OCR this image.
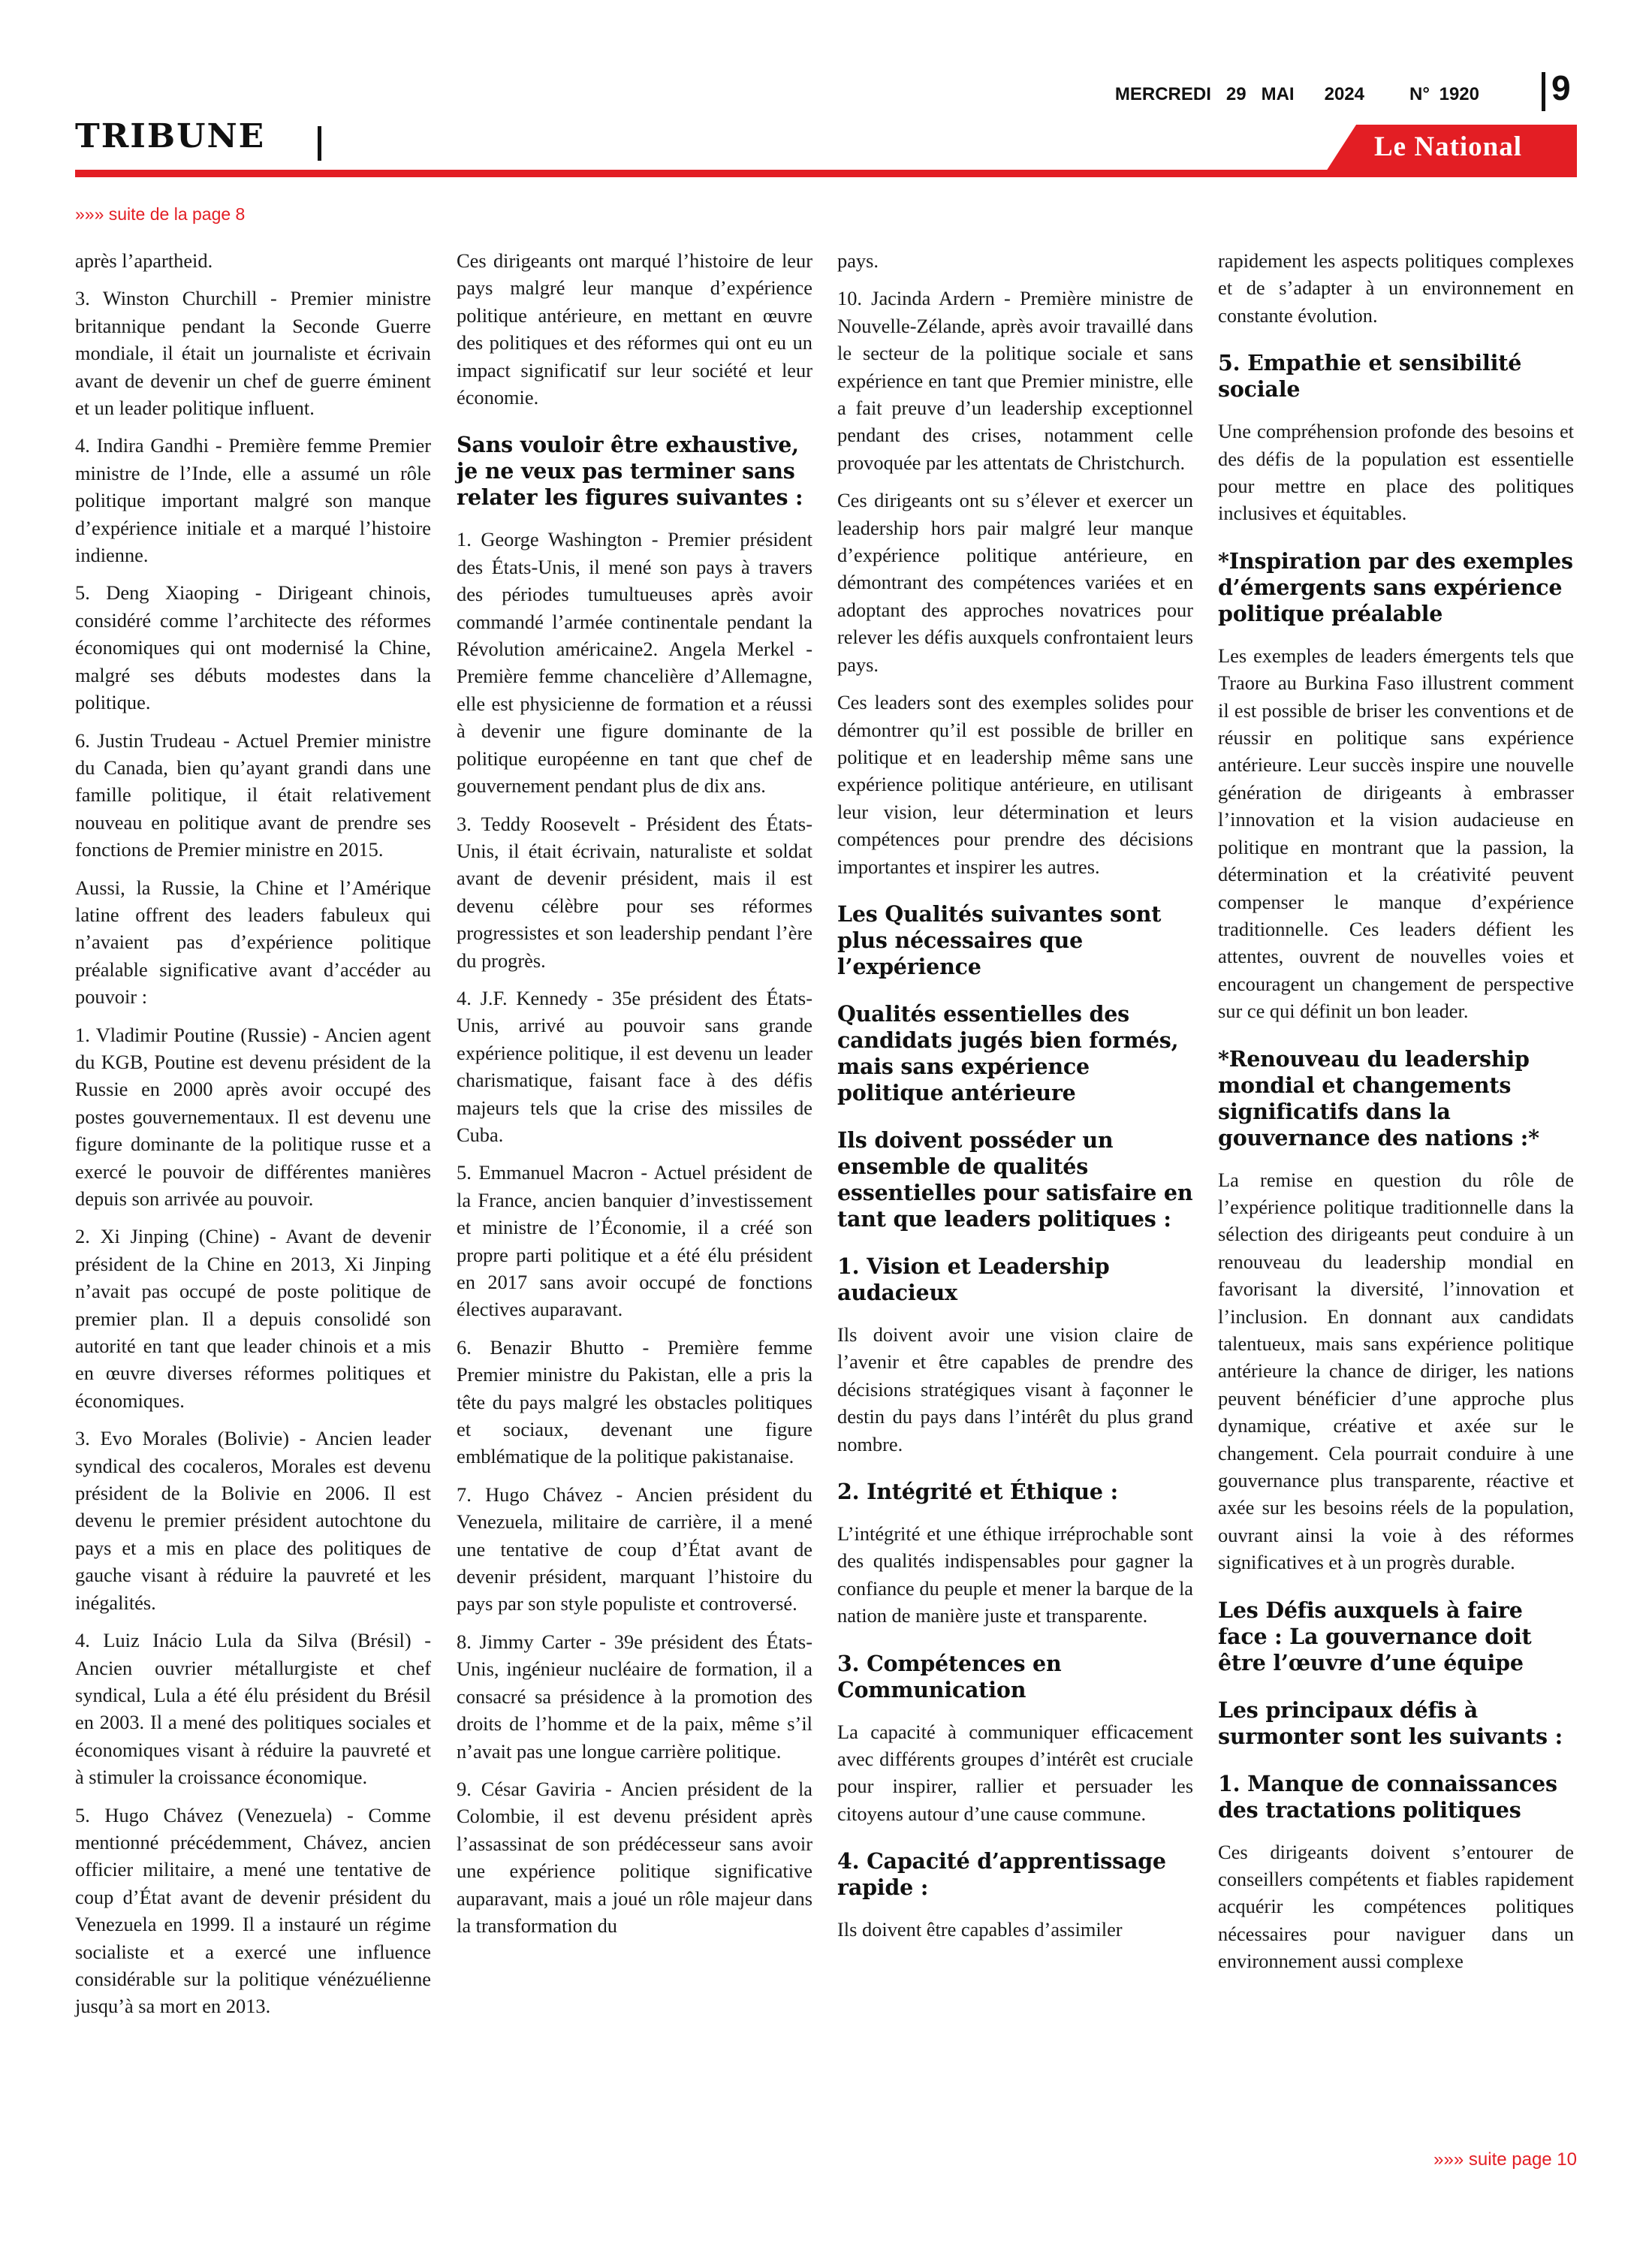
MERCREDI 29 MAI 2024	N° 1920 9
TRIBUNE	Le National
»»» suite de la page 8

après l’apartheid.

3. Winston Churchill - Premier ministre britannique pendant la Seconde Guerre mondiale, il était un journaliste et écrivain avant de devenir un chef de guerre éminent et un leader politique influent.

4. Indira Gandhi - Première femme Premier ministre de l’Inde, elle a assumé un rôle politique important malgré son manque d’expérience initiale et a marqué l’histoire indienne.

5. Deng Xiaoping - Dirigeant chinois, considéré comme l’architecte des réformes économiques qui ont modernisé la Chine, malgré ses débuts modestes dans la politique.

6. Justin Trudeau - Actuel Premier ministre du Canada, bien qu’ayant grandi dans une famille politique, il était relativement nouveau en politique avant de prendre ses fonctions de Premier ministre en 2015.

Aussi, la Russie, la Chine et l’Amérique latine offrent des leaders fabuleux qui n’avaient pas d’expérience politique préalable significative avant d’accéder au pouvoir :

1. Vladimir Poutine (Russie) - Ancien agent du KGB, Poutine est devenu président de la Russie en 2000 après avoir occupé des postes gouvernementaux. Il est devenu une figure dominante de la politique russe et a exercé le pouvoir de différentes manières depuis son arrivée au pouvoir.

2. Xi Jinping (Chine) - Avant de devenir président de la Chine en 2013, Xi Jinping n’avait pas occupé de poste politique de premier plan. Il a depuis consolidé son autorité en tant que leader chinois et a mis en œuvre diverses réformes politiques et économiques.

3. Evo Morales (Bolivie) - Ancien leader syndical des cocaleros, Morales est devenu président de la Bolivie en 2006. Il est devenu le premier président autochtone du pays et a mis en place des politiques de gauche visant à réduire la pauvreté et les inégalités.

4. Luiz Inácio Lula da Silva (Brésil) - Ancien ouvrier métallurgiste et chef syndical, Lula a été élu président du Brésil en 2003. Il a mené des politiques sociales et économiques visant à réduire la pauvreté et à stimuler la croissance économique.

5. Hugo Chávez (Venezuela) - Comme mentionné précédemment, Chávez, ancien officier militaire, a mené une tentative de coup d’État avant de devenir président du Venezuela en 1999. Il a instauré un régime socialiste et a exercé une influence considérable sur la politique vénézuélienne jusqu’à sa mort en 2013.

Ces dirigeants ont marqué l’histoire de leur pays malgré leur manque d’expérience politique antérieure, en mettant en œuvre des politiques et des réformes qui ont eu un impact significatif sur leur société et leur économie.

Sans vouloir être exhaustive, je ne veux pas terminer sans relater les figures suivantes :

1. George Washington - Premier président des États-Unis, il mené son pays à travers des périodes tumultueuses après avoir commandé l’armée continentale pendant la Révolution américaine2. Angela Merkel - Première femme chancelière d’Allemagne, elle est physicienne de formation et a réussi à devenir une figure dominante de la politique européenne en tant que chef de gouvernement pendant plus de dix ans.

3. Teddy Roosevelt - Président des États-Unis, il était écrivain, naturaliste et soldat avant de devenir président, mais il est devenu célèbre pour ses réformes progressistes et son leadership pendant l’ère du progrès.

4. J.F. Kennedy - 35e président des États-Unis, arrivé au pouvoir sans grande expérience politique, il est devenu un leader charismatique, faisant face à des défis majeurs tels que la crise des missiles de Cuba.

5. Emmanuel Macron - Actuel président de la France, ancien banquier d’investissement et ministre de l’Économie, il a créé son propre parti politique et a été élu président en 2017 sans avoir occupé de fonctions électives auparavant.

6. Benazir Bhutto - Première femme Premier ministre du Pakistan, elle a pris la tête du pays malgré les obstacles politiques et sociaux, devenant une figure emblématique de la politique pakistanaise.

7. Hugo Chávez - Ancien président du Venezuela, militaire de carrière, il a mené une tentative de coup d’État avant de devenir président, marquant l’histoire du pays par son style populiste et controversé.

8. Jimmy Carter - 39e président des États-Unis, ingénieur nucléaire de formation, il a consacré sa présidence à la promotion des droits de l’homme et de la paix, même s’il n’avait pas une longue carrière politique.

9. César Gaviria - Ancien président de la Colombie, il est devenu président après l’assassinat de son prédécesseur sans avoir une expérience politique significative auparavant, mais a joué un rôle majeur dans la transformation du

pays.

10. Jacinda Ardern - Première ministre de Nouvelle-Zélande, après avoir travaillé dans le secteur de la politique sociale et sans expérience en tant que Premier ministre, elle a fait preuve d’un leadership exceptionnel pendant des crises, notamment celle provoquée par les attentats de Christchurch.

Ces dirigeants ont su s’élever et exercer un leadership hors pair malgré leur manque d’expérience politique antérieure, en démontrant des compétences variées et en adoptant des approches novatrices pour relever les défis auxquels confrontaient leurs pays.

Ces leaders sont des exemples solides pour démontrer qu’il est possible de briller en politique et en leadership même sans une expérience politique antérieure, en utilisant leur vision, leur détermination et leurs compétences pour prendre des décisions importantes et inspirer les autres.

Les Qualités suivantes sont plus nécessaires que l’expérience
Qualités essentielles des candidats jugés bien formés, mais sans expérience politique antérieure
Ils doivent posséder un ensemble de qualités essentielles pour satisfaire en tant que leaders politiques :
1. Vision et Leadership audacieux

Ils doivent avoir une vision claire de l’avenir et être capables de prendre des décisions stratégiques visant à façonner le destin du pays dans l’intérêt du plus grand nombre.

2. Intégrité et Éthique :

L’intégrité et une éthique irréprochable sont des qualités indispensables pour gagner la confiance du peuple et mener la barque de la nation de manière juste et transparente.

3. Compétences en Communication

La capacité à communiquer efficacement avec différents groupes d’intérêt est cruciale pour inspirer, rallier et persuader les citoyens autour d’une cause commune.

4. Capacité d’apprentissage rapide :

Ils doivent être capables d’assimiler

rapidement les aspects politiques complexes et de s’adapter à un environnement en constante évolution.

5. Empathie et sensibilité sociale

Une compréhension profonde des besoins et des défis de la population est essentielle pour mettre en place des politiques inclusives et équitables.

*Inspiration par des exemples d’émergents sans expérience politique préalable

Les exemples de leaders émergents tels que Traore au Burkina Faso illustrent comment il est possible de briser les conventions et de réussir en politique sans expérience antérieure. Leur succès inspire une nouvelle génération de dirigeants à embrasser l’innovation et la vision audacieuse en politique en montrant que la passion, la détermination et la créativité peuvent compenser le manque d’expérience traditionnelle. Ces leaders défient les attentes, ouvrent de nouvelles voies et encouragent un changement de perspective sur ce qui définit un bon leader.

*Renouveau du leadership mondial et changements significatifs dans la gouvernance des nations :*

La remise en question du rôle de l’expérience politique traditionnelle dans la sélection des dirigeants peut conduire à un renouveau du leadership mondial en favorisant la diversité, l’innovation et l’inclusion. En donnant aux candidats talentueux, mais sans expérience politique antérieure la chance de diriger, les nations peuvent bénéficier d’une approche plus dynamique, créative et axée sur le changement. Cela pourrait conduire à une gouvernance plus transparente, réactive et axée sur les besoins réels de la population, ouvrant ainsi la voie à des réformes significatives et à un progrès durable.

Les Défis auxquels à faire face : La gouvernance doit être l’œuvre d’une équipe
Les principaux défis à surmonter sont les suivants :
1. Manque de connaissances des tractations politiques

Ces dirigeants doivent s’entourer de conseillers compétents et fiables rapidement acquérir les compétences politiques nécessaires pour naviguer dans un environnement aussi complexe

»»» suite page 10
